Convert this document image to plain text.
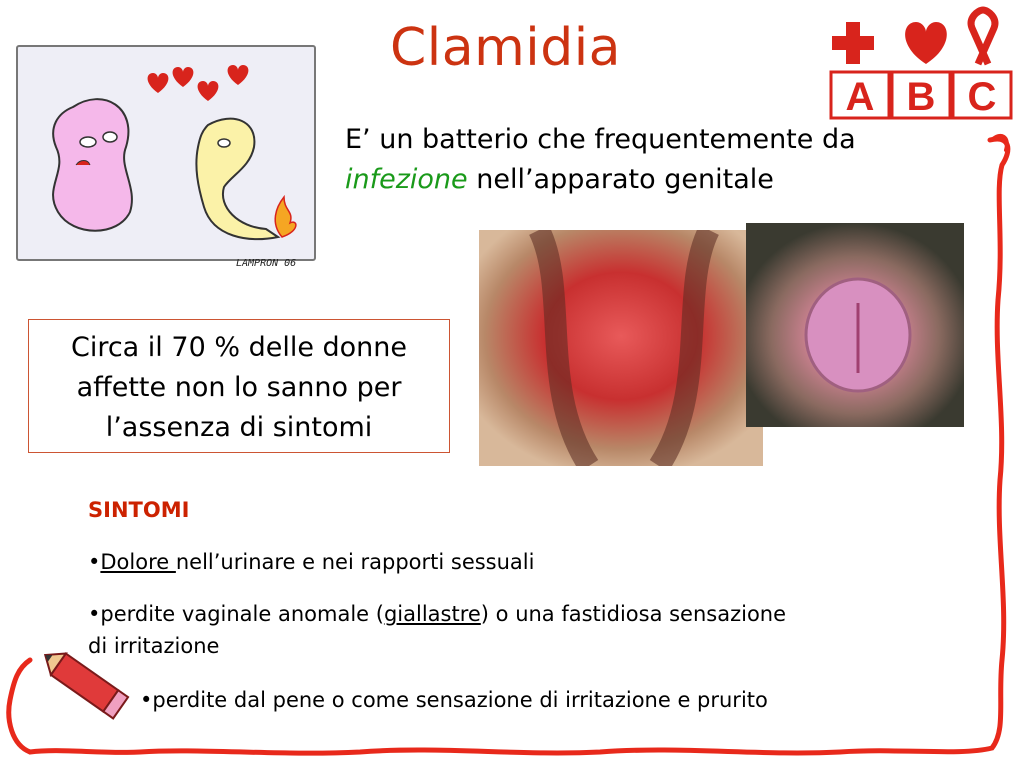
Clamidia
A B C
LAMPRON 06
E’ un batterio che frequentemente da
infezione nell’apparato genitale
Circa il 70 % delle donne
affette non lo sanno per
l’assenza di sintomi
SINTOMI
•Dolore nell’urinare e nei rapporti sessuali
•perdite vaginale anomale (giallastre) o una fastidiosa sensazione
di irritazione
•perdite dal pene o come sensazione di irritazione e prurito
